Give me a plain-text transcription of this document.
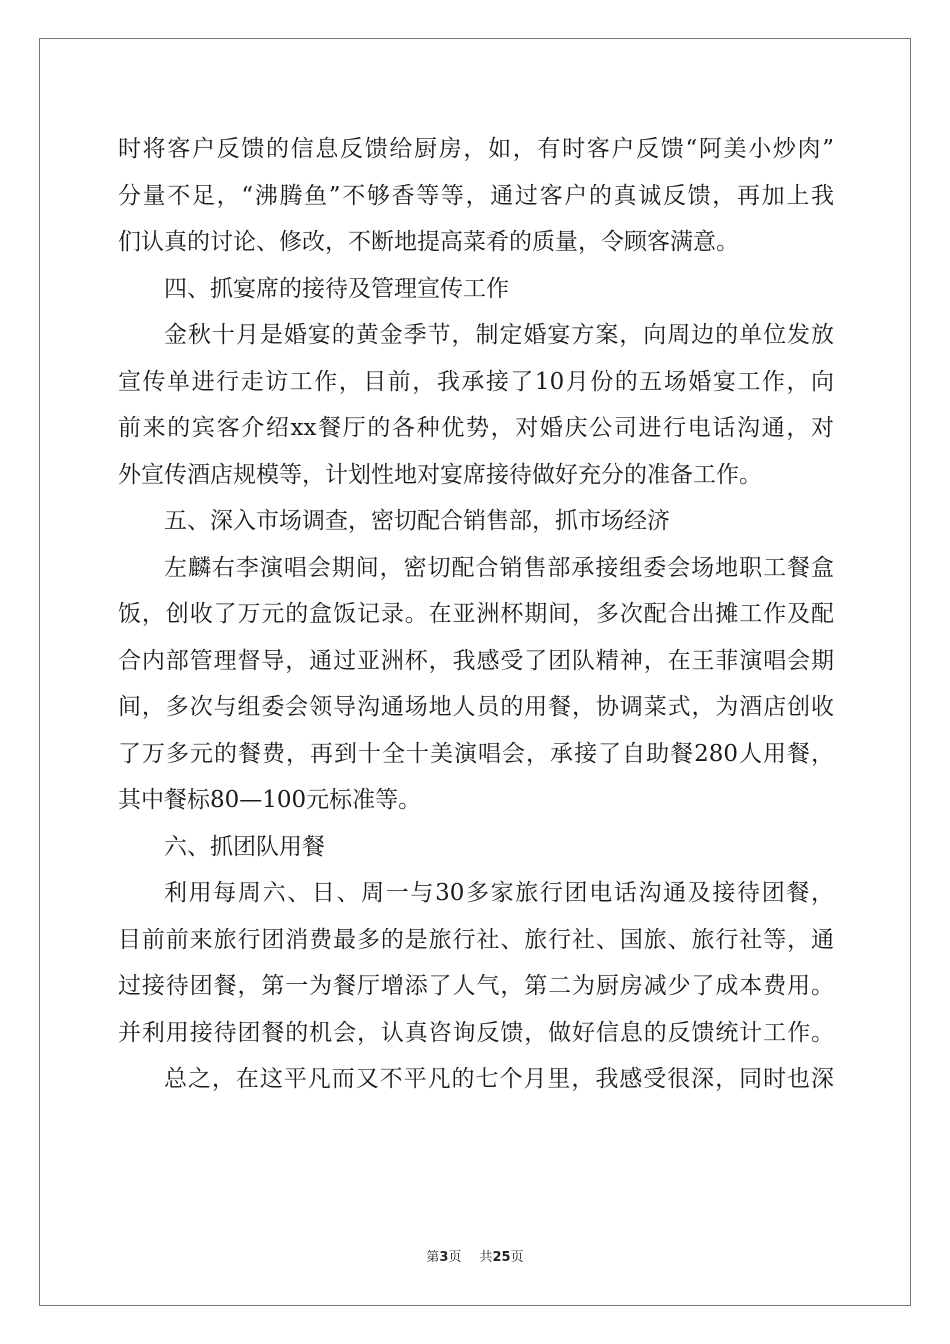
时将客户反馈的信息反馈给厨房，如，有时客户反馈“阿美小炒肉”
分量不足，“沸腾鱼”不够香等等，通过客户的真诚反馈，再加上我
们认真的讨论、修改，不断地提高菜肴的质量，令顾客满意。
四、抓宴席的接待及管理宣传工作
金秋十月是婚宴的黄金季节，制定婚宴方案，向周边的单位发放
宣传单进行走访工作，目前，我承接了10月份的五场婚宴工作，向
前来的宾客介绍xx餐厅的各种优势，对婚庆公司进行电话沟通，对
外宣传酒店规模等，计划性地对宴席接待做好充分的准备工作。
五、深入市场调查，密切配合销售部，抓市场经济
左麟右李演唱会期间，密切配合销售部承接组委会场地职工餐盒
饭，创收了万元的盒饭记录。在亚洲杯期间，多次配合出摊工作及配
合内部管理督导，通过亚洲杯，我感受了团队精神，在王菲演唱会期
间，多次与组委会领导沟通场地人员的用餐，协调菜式，为酒店创收
了万多元的餐费，再到十全十美演唱会，承接了自助餐280人用餐，
其中餐标80—100元标准等。
六、抓团队用餐
利用每周六、日、周一与30多家旅行团电话沟通及接待团餐，
目前前来旅行团消费最多的是旅行社、旅行社、国旅、旅行社等，通
过接待团餐，第一为餐厅增添了人气，第二为厨房减少了成本费用。
并利用接待团餐的机会，认真咨询反馈，做好信息的反馈统计工作。
总之，在这平凡而又不平凡的七个月里，我感受很深，同时也深
第3页 共25页
